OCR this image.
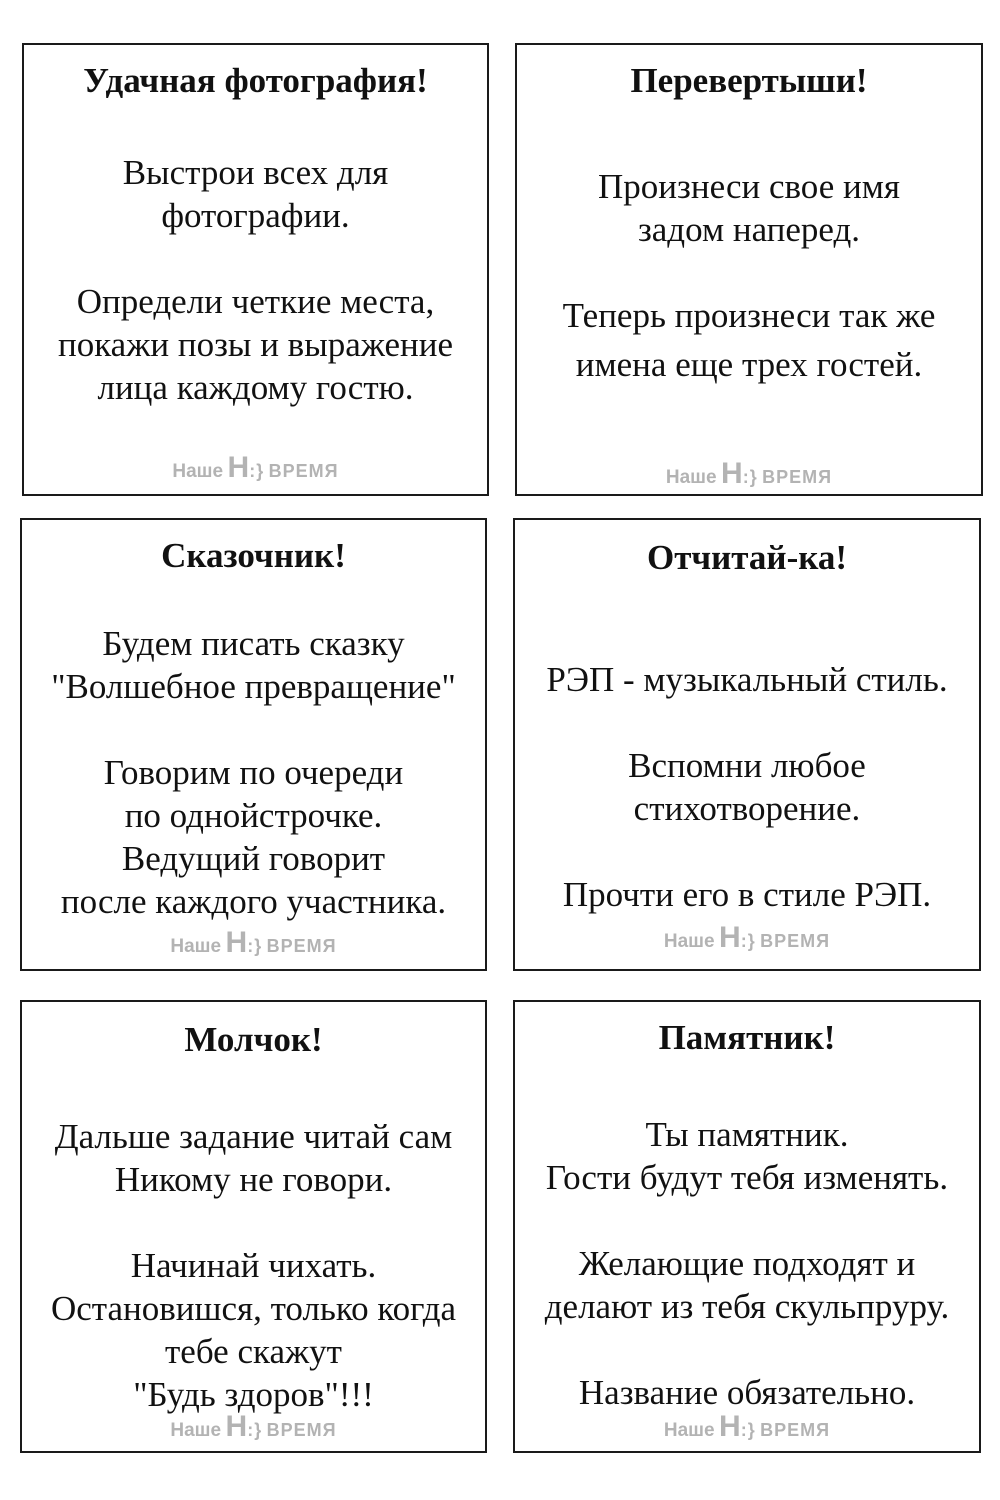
Удачная фотография!
Выстрои всех для
фотографии.
Определи четкие места,
покажи позы и выражение
лица каждому гостю.
Наше Н:} ВРЕМЯ
Перевертыши!
Произнеси свое имя
задом наперед.
Теперь произнеси так же
имена еще трех гостей.
Наше Н:} ВРЕМЯ
Сказочник!
Будем писать сказку
"Волшебное превращение"
Говорим по очереди
по однойстрочке.
Ведущий говорит
после каждого участника.
Наше Н:} ВРЕМЯ
Отчитай-ка!
РЭП - музыкальный стиль.
Вспомни любое
стихотворение.
Прочти его в стиле РЭП.
Наше Н:} ВРЕМЯ
Молчок!
Дальше задание читай сам
Никому не говори.
Начинай чихать.
Остановишся, только когда
тебе скажут
"Будь здоров"!!!
Наше Н:} ВРЕМЯ
Памятник!
Ты памятник.
Гости будут тебя изменять.
Желающие подходят и
делают из тебя скульпруру.
Название обязательно.
Наше Н:} ВРЕМЯ
